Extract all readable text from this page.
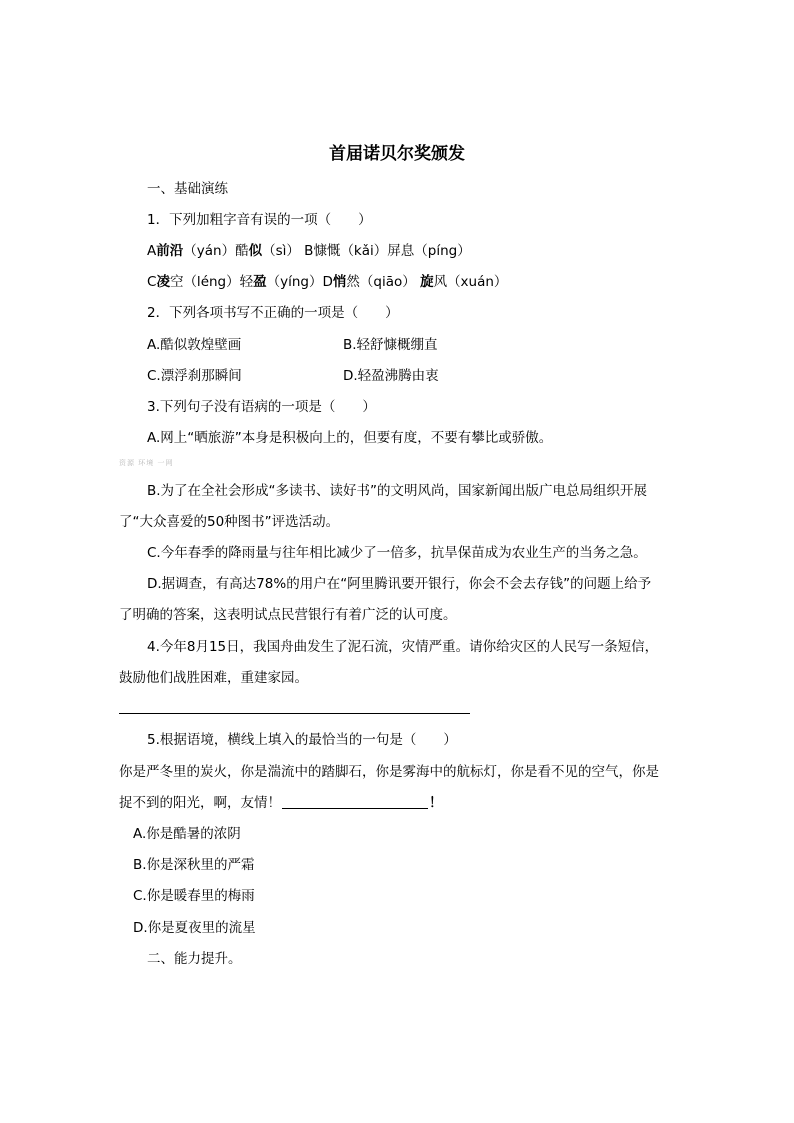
首届诺贝尔奖颁发
一、基础演练
1．下列加粗字音有误的一项（　　）
A前沿（yán）酷似（sì） B慷慨（kǎi）屏息（píng）
C凌空（léng）轻盈（yíng）D悄然（qiāo） 旋风（xuán）
2．下列各项书写不正确的一项是（　　）
A.酷似敦煌壁画	B.轻舒慷概绷直
C.漂浮刹那瞬间	D.轻盈沸腾由衷
3.下列句子没有语病的一项是（　　）
A.网上“晒旅游”本身是积极向上的，但要有度，不要有攀比或骄傲。
资源 环境 一网
B.为了在全社会形成“多读书、读好书”的文明风尚，国家新闻出版广电总局组织开展
了“大众喜爱的50种图书”评选活动。
C.今年春季的降雨量与往年相比减少了一倍多，抗旱保苗成为农业生产的当务之急。
D.据调查，有高达78%的用户在“阿里腾讯要开银行，你会不会去存钱”的问题上给予
了明确的答案，这表明试点民营银行有着广泛的认可度。
4.今年8月15日，我国舟曲发生了泥石流，灾情严重。请你给灾区的人民写一条短信，
鼓励他们战胜困难，重建家园。
5.根据语境，横线上填入的最恰当的一句是（　　）
你是严冬里的炭火，你是湍流中的踏脚石，你是雾海中的航标灯，你是看不见的空气，你是
捉不到的阳光，啊，友情！	！
A.你是酷暑的浓阴
B.你是深秋里的严霜
C.你是暖春里的梅雨
D.你是夏夜里的流星
二、能力提升。
